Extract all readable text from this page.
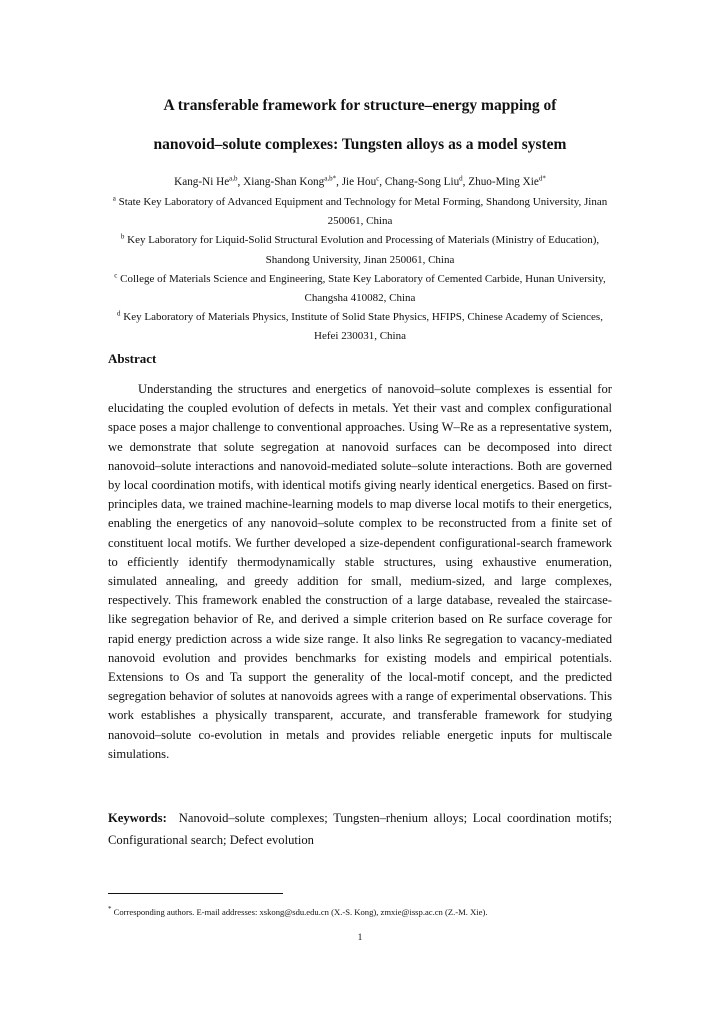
A transferable framework for structure–energy mapping of
nanovoid–solute complexes: Tungsten alloys as a model system
Kang-Ni He$^{a,b}$, Xiang-Shan Kong$^{a,b*}$, Jie Hou$^c$, Chang-Song Liu$^d$, Zhuo-Ming Xie$^{d*}$

$^a$ State Key Laboratory of Advanced Equipment and Technology for Metal Forming, Shandong University, Jinan 250061, China

$^b$ Key Laboratory for Liquid-Solid Structural Evolution and Processing of Materials (Ministry of Education), Shandong University, Jinan 250061, China

$^c$ College of Materials Science and Engineering, State Key Laboratory of Cemented Carbide, Hunan University, Changsha 410082, China

$^d$ Key Laboratory of Materials Physics, Institute of Solid State Physics, HFIPS, Chinese Academy of Sciences, Hefei 230031, China

Abstract

Understanding the structures and energetics of nanovoid–solute complexes is essential for elucidating the coupled evolution of defects in metals. Yet their vast and complex configurational space poses a major challenge to conventional approaches. Using W–Re as a representative system, we demonstrate that solute segregation at nanovoid surfaces can be decomposed into direct nanovoid–solute interactions and nanovoid-mediated solute–solute interactions. Both are governed by local coordination motifs, with identical motifs giving nearly identical energetics. Based on first-principles data, we trained machine-learning models to map diverse local motifs to their energetics, enabling the energetics of any nanovoid–solute complex to be reconstructed from a finite set of constituent local motifs. We further developed a size-dependent configurational-search framework to efficiently identify thermodynamically stable structures, using exhaustive enumeration, simulated annealing, and greedy addition for small, medium-sized, and large complexes, respectively. This framework enabled the construction of a large database, revealed the staircase-like segregation behavior of Re, and derived a simple criterion based on Re surface coverage for rapid energy prediction across a wide size range. It also links Re segregation to vacancy-mediated nanovoid evolution and provides benchmarks for existing models and empirical potentials. Extensions to Os and Ta support the generality of the local-motif concept, and the predicted segregation behavior of solutes at nanovoids agrees with a range of experimental observations. This work establishes a physically transparent, accurate, and transferable framework for studying nanovoid–solute co-evolution in metals and provides reliable energetic inputs for multiscale simulations.

Keywords: Nanovoid–solute complexes; Tungsten–rhenium alloys; Local coordination motifs; Configurational search; Defect evolution

* Corresponding authors. E-mail addresses: xskong@sdu.edu.cn (X.-S. Kong), zmxie@issp.ac.cn (Z.-M. Xie).

1
